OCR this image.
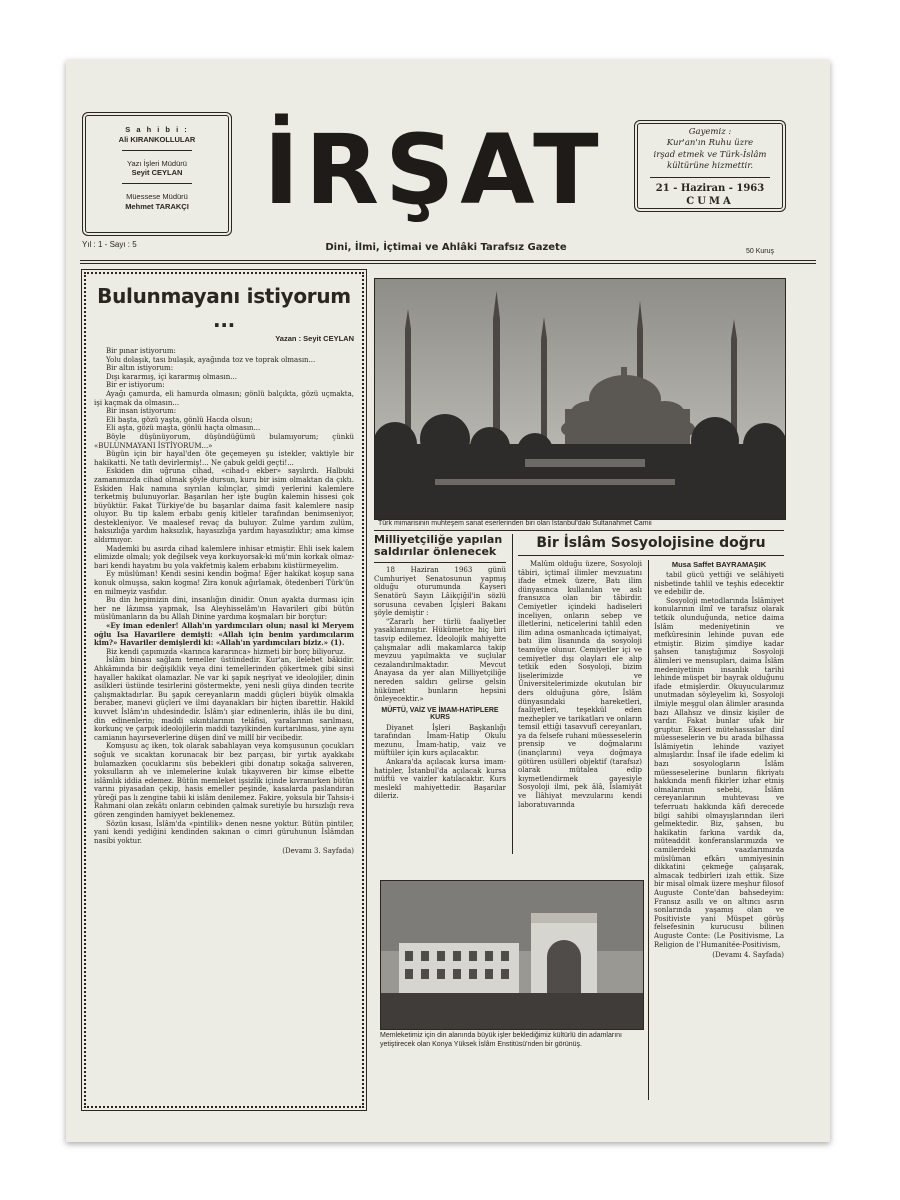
S a h i b i :
Ali KIRANKOLLULAR
Yazı İşleri Müdürü
Seyit CEYLAN
Müessese Müdürü
Mehmet TARAKÇI İRŞAT
Dini, İlmi, İçtimai ve Ahlâki Tarafsız Gazete
Yıl : 1 - Sayı : 5
50 Kuruş
Gayemiz :
Kur'an'ın Ruhu üzre
irşad etmek ve Türk-İslâm
kültürüne hizmettir.
21 - Haziran - 1963
CUMA
Bulunmayanı istiyorum ...
Yazan : Seyit CEYLAN
Bir pınar istiyorum:
Yolu dolaşık, tası bulaşık, ayağında toz ve toprak olmasın...
Bir altın istiyorum:
Dışı kararmış, içi kararmış olmasın...
Bir er istiyorum:
Ayağı çamurda, eli hamurda olmasın; gönlü balçıkta, gözü uçmakta, işi kaçmak da olmasın...
Bir insan istiyorum:
Eli başta, gözü yaşta, gönlü Hacda olsun;
Eli aşta, gözü maşta, gönlü haçta olmasın...
Böyle düşünüyorum, düşündüğümü bulamıyorum; çünkü «BULUNMAYANI İSTİYORUM...»
Bügün için bir hayal'den öte geçemeyen şu istekler, vaktiyle bir hakikatti. Ne tatlı devirlermiş!... Ne çabuk geldi geçti!...
Eskiden din uğruna cihad, «cihad-ı ekber» sayılırdı. Halbuki zamanımızda cihad olmak şöyle dursun, kuru bir isim olmaktan da çıktı. Eskiden Hak namına sıyrılan kılınçlar, şimdi yerlerini kalemlere terketmiş bulunuyorlar. Başarılan her işte bugün kalemin hissesi çok büyüktür. Fakat Türkiye'de bu başarılar daima fasit kalemlere nasip oluyor. Bu tip kalem erbabı geniş kitleler tarafından benimseniyor, destekleniyor. Ve maalesef revaç da buluyor. Zulme yardım zulüm, haksızlığa yardım haksızlık, hayasızlığa yardım hayasızlıktır; ama kimse aldırmıyor.
Mademki bu asırda cihad kalemlere inhisar etmiştir. Ehli isek kalem elimizde olmalı; yok değilsek veya korkuyorsak-ki mü'min korkak olmaz-bari kendi hayatını bu yola vakfetmiş kalem erbabını küstürmeyelim.
Ey müslüman! Kendi sesini kendin boğma! Eğer hakikat koşup sana konuk olmuşsa, sakın kogma! Zira konuk ağırlamak, ötedenberi Türk'ün en milmeyiz vasfıdır.
Bu din hepimizin dini, insanlığın dinidir. Onun ayakta durması için her ne lâzımsa yapmak, Isa Aleyhisselâm'ın Havarileri gibi bütün müslümanların da bu Allah Dinine yardıma koşmaları bir borçtur:
«Ey iman edenler! Allah'ın yardımcıları olun; nasıl ki Meryem oğlu Isa Havarilere demişti: «Allah için benim yardımcılarım kim?» Havariler demişlerdi ki: «Allah'ın yardımcıları biziz.» (1).
Biz kendi çapımızda «karınca kararınca» hizmeti bir borç biliyoruz.
İslâm binası sağlam temeller üstündedir. Kur'an, ilelebet bâkidir. Ahkâmında bir değişiklik veya dini temellerinden çökertmek gibi sinsi hayaller hakikat olamazlar. Ne var ki şapık neşriyat ve ideolojiler, dinin asilkleri üstünde tesirlerini göstermekte, yeni nesli güya dinden tecrite çalışmaktadırlar. Bu şapık cereyanların maddi güçleri büyük olmakla beraber, manevi güçleri ve ilmi dayanakları bir hiçten ibarettir. Hakikî kuvvet İslâm'ın uhdesindedir. İslâm'ı şiar edinenlerin, ihlâs ile bu dini, din edinenlerin; maddi sıkıntılarının telâfisi, yaralarının sarılması, korkunç ve çarpık ideolojilerin maddi tazyikinden kurtarılması, yine aynı camianın hayırseverlerine düşen dinî ve millî bir vecibedir.
Komşusu aç iken, tok olarak sabahlayan veya komşusunun çocukları soğuk ve sıcaktan korunacak bir bez parçası, bir yırtık ayakkabı bulamazken çocuklarını süs bebekleri gibi donatıp sokağa salıveren, yoksulların ah ve inlemelerine kulak tıkayıveren bir kimse elbette islâmlık iddia edemez. Bütün memleket işsizlik içinde kıvranırken bütün varını piyasadan çekip, hasis emeller peşinde, kasalarda paslandıran yüreği pas lı zengine tabii ki islâm denilemez. Fakire, yoksula bir Tahsis-i Rahmani olan zekâtı onların cebinden çalmak suretiyle bu hırsızlığı reva gören zenginden hamiyyet beklenemez.
Sözün kısası, İslâm'da «pintilik» denen nesne yoktur. Bütün pintiler, yani kendi yediğini kendinden sakınan o cimri güruhunun İslâmdan nasibi yoktur.
(Devamı 3. Sayfada)
Türk mimarisinin muhteşem sanat eserlerinden biri olan İstanbul'daki Sultanahmet Camii
Milliyetçiliğe yapılan saldırılar önlenecek
18 Haziran 1963 günü Cumhuriyet Senatosunun yapmış olduğu oturumunda Kayseri Senatörü Sayın Lâikçiğil'in sözlü sorusuna cevaben İçişleri Bakanı şöyle demiştir :
"Zararlı her türlü faaliyetler yasaklanmıştır. Hükümetce hiç biri tasvip edilemez. İdeolojik mahiyette çalışmalar adli makamlarca takip mevzuu yapılmakta ve suçlular cezalandırılmaktadır. Mevcut Anayasa da yer alan Milliyetçiliğe nereden saldırı gelirse gelsin hükümet bunların hepsini önleyecektir.»
MÜFTÜ, VAİZ VE İMAM-HATİPLERE KURS
Diyanet İşleri Başkanlığı tarafından İmam-Hatip Okulu mezunu, İmam-hatip, vaiz ve müftüler için kurs açılacaktır.
Ankara'da açılacak kursa imam-hatipler, İstanbul'da açılacak kursa müftü ve vaizler katılacaktır. Kurs meslekî mahiyettedir. Başarılar dileriz.
Bir İslâm Sosyolojisine doğru
Malûm olduğu üzere, Sosyoloji tâbiri, içtimaî ilimler mevzuatını ifade etmek üzere, Batı ilim dünyasınca kullanılan ve aslı fransızca olan bir tâbirdir. Cemiyetler içindeki hadiseleri inceliyen, onların sebep ve illetlerini, neticelerini tahlil eden ilim adına osmanlıcada içtimaiyat, batı ilim lisanında da sosyoloji teamüye olunur. Cemiyetler içi ve cemiyetler dışı olayları ele alıp tetkik eden Sosyoloji, bizim liselerimizde ve Üniversitelerimizde okutulan bir ders olduğuna göre, İslâm dünyasındaki hareketleri, faaliyetleri, teşekkül eden mezhepler ve tarikatları ve onların temsil ettiği tasavvufî cereyanları, ya da felsefe ruhani müesseselerin prensip ve doğmalarını (inançlarını) veya doğmaya götüren usülleri objektif (tarafsız) olarak mütalea edip kıymetlendirmek gayesiyle Sosyoloji ilmi, pek âlâ, İslamiyât ve İlâhiyat mevzularını kendi laboratuvarında
Musa Saffet BAYRAMAŞIK
tabil gücü yettiği ve selâhiyeti nisbetinde tahlil ve teşhis edecektir ve edebilir de.
Sosyoloji metodlarında İslâmiyet konularının ilmî ve tarafsız olarak tetkik olunduğunda, netice daima İslâm medeniyetinin ve mefkûresinin lehinde puvan ede etmiştir. Bizim şimdiye kadar şahsen tanıştığımız Sosyoloji âlimleri ve mensupları, daima İslâm medeniyetinin insanlık tarihi lehinde müspet bir bayrak olduğunu ifade etmişlerdir. Okuyucularımız unutmadan söyleyelim ki, Sosyoloji ilmiyle meşgul olan âlimler arasında bazı Allahsız ve dinsiz kişiler de vardır. Fakat bunlar ufak bir gruptur. Ekseri mütehassıslar dinî müesseselerin ve bu arada bilhassa İslâmiyetin lehinde vaziyet almışlardır. İnsaf ile ifade edelim ki bazı sosyologların İslâm müesseselerine bunların fikriyatı hakkında menfi fikirler izhar etmiş olmalarının sebebi, İslâm cereyanlarının muhtevası ve teferruatı hakkında kâfi derecede bilgi sahibi olmayışlarından ileri gelmektedir. Biz, şahsen, bu hakikatin farkına vardık da, müteaddit konferanslarımızda ve camilerdeki vaazlarımızda müslüman efkârı ummiyesinin dikkatini çekmeğe çalışarak, almacak tedbirleri izah ettik. Size bir misal olmak üzere meşhur filosof Auguste Conte'dan bahsedeyim: Fransız asıllı ve on altıncı asrın sonlarında yaşamış olan ve Positiviste yani Müspet görüş felsefesinin kurucusu bilinen Auguste Conte: (Le Positivisme, La Religion de l'Humanitée-Positivism,
(Devamı 4. Sayfada)
Memleketimiz için din alanında büyük işler beklediğimiz kültürlü din adamlarını yetiştirecek olan Konya Yüksek İslâm Enstitüsü'nden bir görünüş.
